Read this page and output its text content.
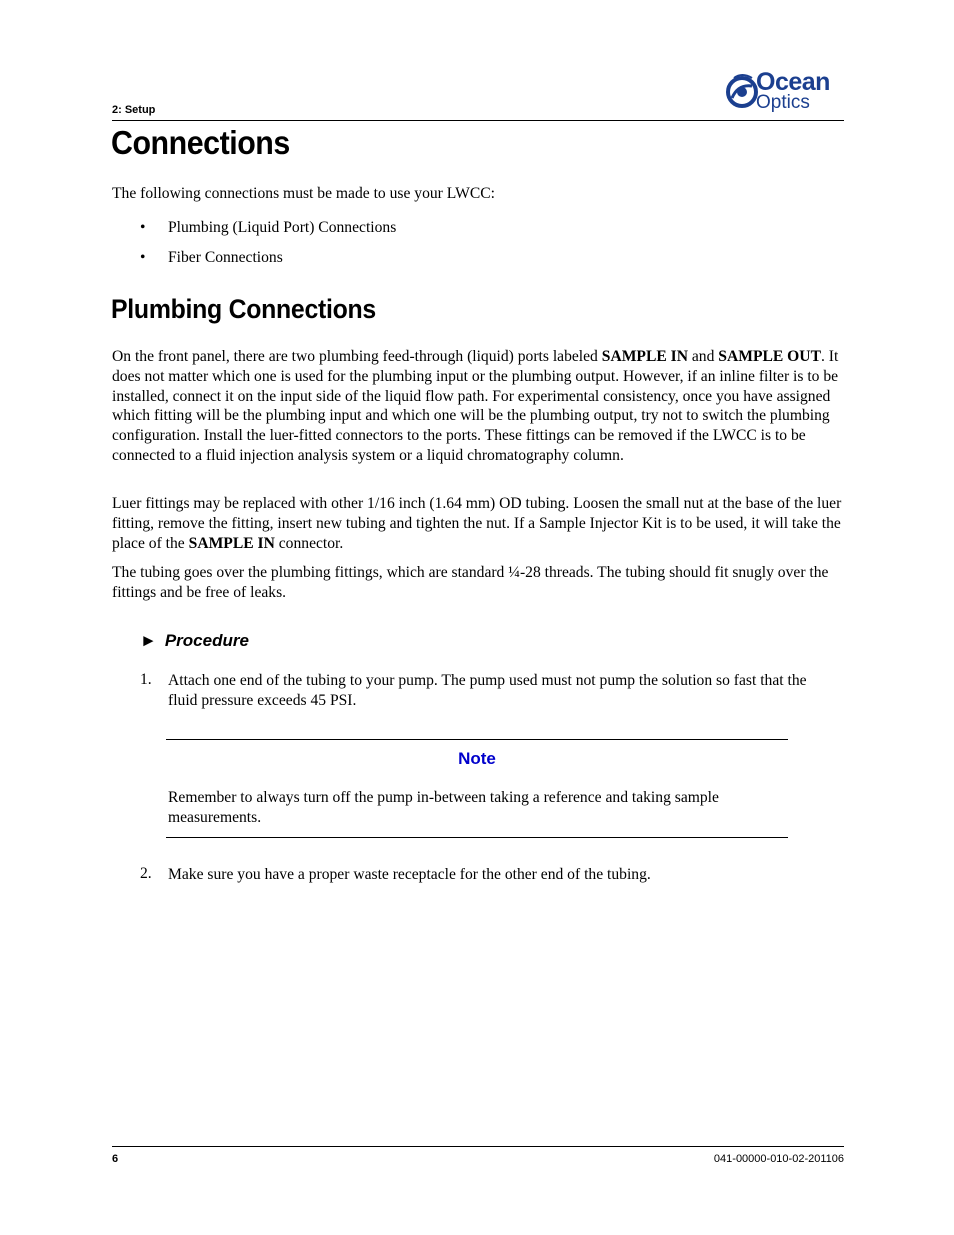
2: Setup
Ocean
Optics
Connections
The following connections must be made to use your LWCC:
• Plumbing (Liquid Port) Connections
• Fiber Connections
Plumbing Connections
On the front panel, there are two plumbing feed-through (liquid) ports labeled SAMPLE IN and SAMPLE OUT. It does not matter which one is used for the plumbing input or the plumbing output. However, if an inline filter is to be installed, connect it on the input side of the liquid flow path. For experimental consistency, once you have assigned which fitting will be the plumbing input and which one will be the plumbing output, try not to switch the plumbing configuration. Install the luer-fitted connectors to the ports. These fittings can be removed if the LWCC is to be connected to a fluid injection analysis system or a liquid chromatography column.
Luer fittings may be replaced with other 1/16 inch (1.64 mm) OD tubing. Loosen the small nut at the base of the luer fitting, remove the fitting, insert new tubing and tighten the nut. If a Sample Injector Kit is to be used, it will take the place of the SAMPLE IN connector.
The tubing goes over the plumbing fittings, which are standard ¼-28 threads. The tubing should fit snugly over the fittings and be free of leaks.
► Procedure
1. Attach one end of the tubing to your pump. The pump used must not pump the solution so fast that the fluid pressure exceeds 45 PSI.
Note
Remember to always turn off the pump in-between taking a reference and taking sample measurements.
2. Make sure you have a proper waste receptacle for the other end of the tubing.
6	041-00000-010-02-201106
